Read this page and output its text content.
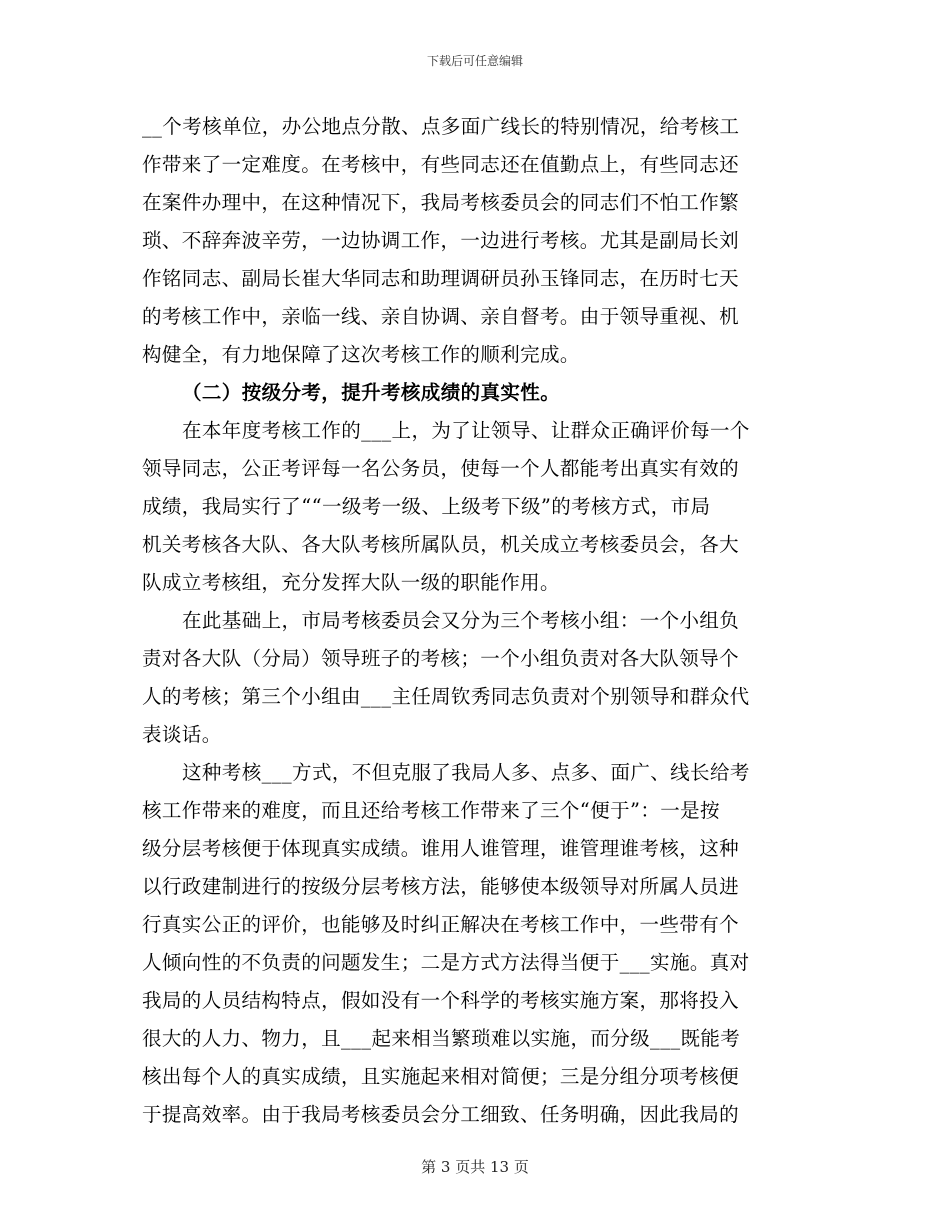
下载后可任意编辑
__个考核单位，办公地点分散、点多面广线长的特别情况，给考核工
作带来了一定难度。在考核中，有些同志还在值勤点上，有些同志还
在案件办理中，在这种情况下，我局考核委员会的同志们不怕工作繁
琐、不辞奔波辛劳，一边协调工作，一边进行考核。尤其是副局长刘
作铭同志、副局长崔大华同志和助理调研员孙玉锋同志，在历时七天
的考核工作中，亲临一线、亲自协调、亲自督考。由于领导重视、机
构健全，有力地保障了这次考核工作的顺利完成。
（二）按级分考，提升考核成绩的真实性。
在本年度考核工作的___上，为了让领导、让群众正确评价每一个
领导同志，公正考评每一名公务员，使每一个人都能考出真实有效的
成绩，我局实行了““一级考一级、上级考下级”的考核方式，市局
机关考核各大队、各大队考核所属队员，机关成立考核委员会，各大
队成立考核组，充分发挥大队一级的职能作用。
在此基础上，市局考核委员会又分为三个考核小组：一个小组负
责对各大队（分局）领导班子的考核；一个小组负责对各大队领导个
人的考核；第三个小组由___主任周钦秀同志负责对个别领导和群众代
表谈话。
这种考核___方式，不但克服了我局人多、点多、面广、线长给考
核工作带来的难度，而且还给考核工作带来了三个“便于”：一是按
级分层考核便于体现真实成绩。谁用人谁管理，谁管理谁考核，这种
以行政建制进行的按级分层考核方法，能够使本级领导对所属人员进
行真实公正的评价，也能够及时纠正解决在考核工作中，一些带有个
人倾向性的不负责的问题发生；二是方式方法得当便于___实施。真对
我局的人员结构特点，假如没有一个科学的考核实施方案，那将投入
很大的人力、物力，且___起来相当繁琐难以实施，而分级___既能考
核出每个人的真实成绩，且实施起来相对简便；三是分组分项考核便
于提高效率。由于我局考核委员会分工细致、任务明确，因此我局的
第 3 页共 13 页
